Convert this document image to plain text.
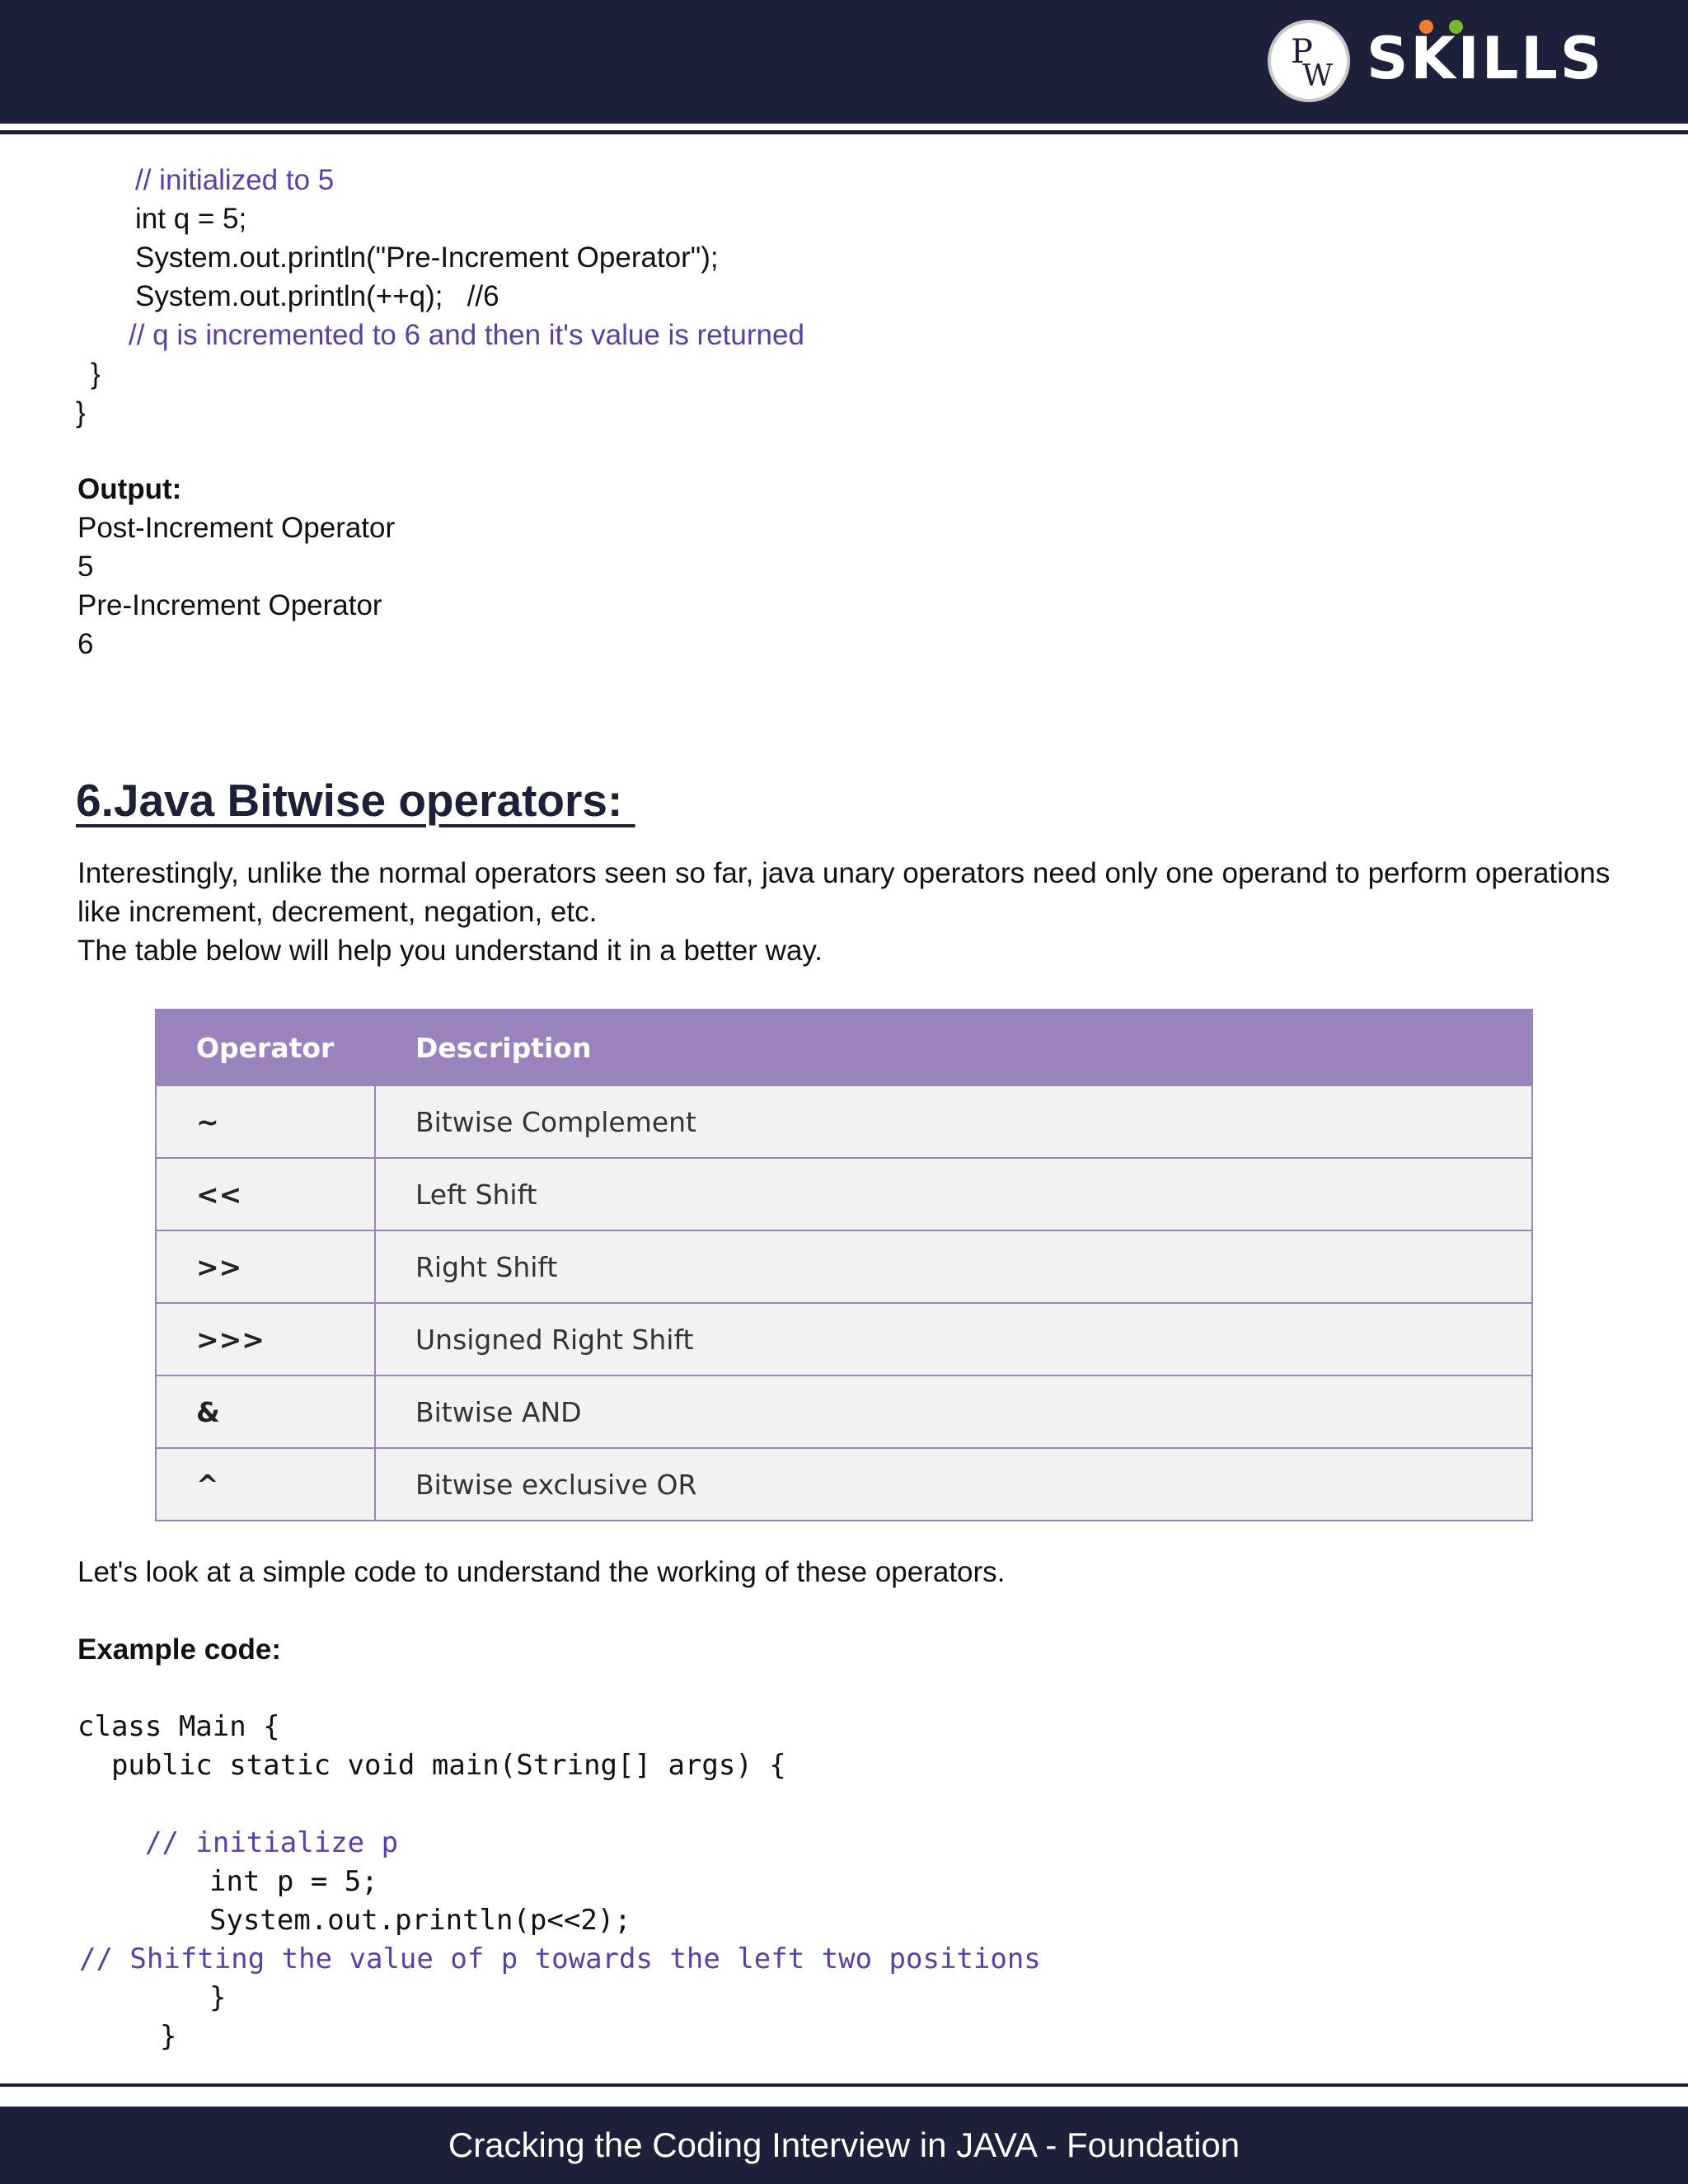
P
W SKILLS
// initialized to 5
int q = 5;
System.out.println("Pre-Increment Operator");
System.out.println(++q);   //6
// q is incremented to 6 and then it's value is returned
}
}
Output:
Post-Increment Operator
5
Pre-Increment Operator
6
6.Java Bitwise operators:
Interestingly, unlike the normal operators seen so far, java unary operators need only one operand to perform operations like increment, decrement, negation, etc.
The table below will help you understand it in a better way.
Operator	Description
~	Bitwise Complement
<<	Left Shift
>>	Right Shift
>>>	Unsigned Right Shift
&	Bitwise AND
^	Bitwise exclusive OR
Let's look at a simple code to understand the working of these operators.
Example code:
class Main {
public static void main(String[] args) {
// initialize p
int p = 5;
System.out.println(p<<2);
// Shifting the value of p towards the left two positions
}
}
Cracking the Coding Interview in JAVA - Foundation
